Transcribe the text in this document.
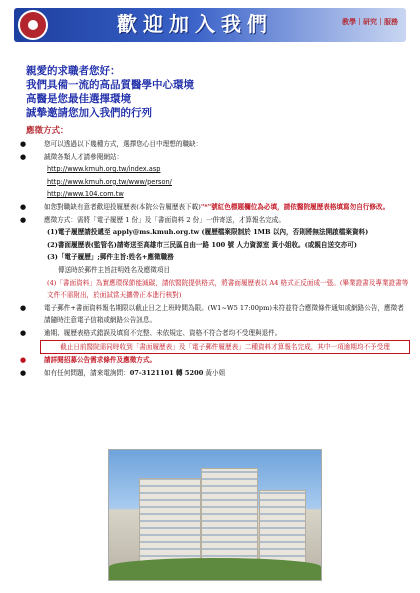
歡迎加入我們	教學｜研究｜服務
親愛的求職者您好：
我們具備一流的高品質醫學中心環境
高醫是您最佳選擇環境
誠摯邀請您加入我們的行列
應徵方式：
● 您可以透過以下幾種方式，選擇您心目中理想的職缺：
● 誠徵各類人才請參閱網站：
http://www.kmuh.org.tw/index.asp
http://www.kmuh.org.tw/www/person/
http://www.104.com.tw
● 如您對職缺有意者歡迎投履歷表(本院公告履歷表下載)"*"號紅色標題欄位為必填，請依醫院履歷表格填寫勿自行修改。
● 應徵方式：需將「電子履歷 1 份」及「書面資料 2 份」一併寄送，才算報名完成。
(1)電子履歷請投遞至 apply@ms.kmuh.org.tw (履歷檔案限制於 1MB 以內，否則將無法開啟檔案資料)
(2)書面履歷表(監管名)請寄送至高雄市三民區自由一路 100 號 人力資源室 黃小姐收。(或親自送交亦可)
(3)「電子履歷」;郵件主旨:姓名+應徵職務
傳送時於郵件主旨註明姓名及應徵項目
(4)「書面資料」為實應環保節能減碳，請依醫院提供格式，將書面履歷表以 A4 格式正反面成一張。(畢業證書及專業證書等文件不需附出，於面試當天攜帶正本進行核對)
● 電子郵件+書面資料報名期限以截止日之上班時間為限。(W1~W5 17:00pm)未符並符合應徵條件通知或網路公告，應徵者請隨時注意電子信箱或網路公告訊息。
● 逾期、履歷表格式錯誤及填寫不完整、未依規定、資格不符合者均不受理與退件。
截止日前醫院需同時收到「書面履歷表」及「電子郵件履歷表」二種資料才算報名完成，其中一項逾期均不予受理
● 請詳閱招募公告需求條件及應徵方式。
● 如有任何問題，請來電詢問：07-3121101 轉 5200 黃小姐
